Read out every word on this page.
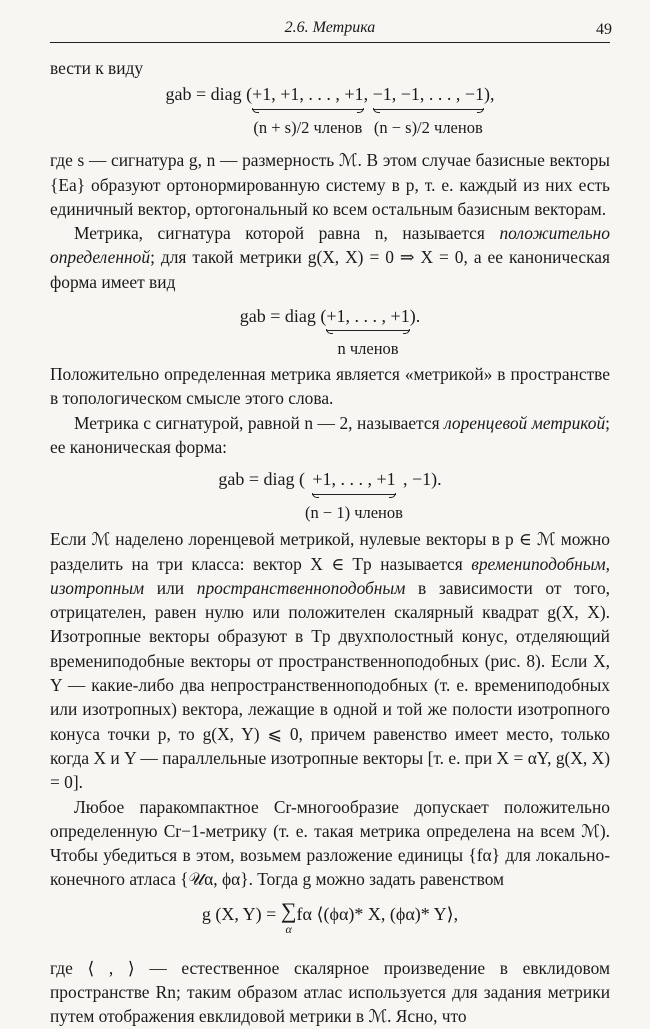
2.6. Метрика	49

вести к виду

gab = diag (+1, +1, . . . , +1
(n + s)/2 членов
, −1, −1, . . . , −1
(n − s)/2 членов
),

где s — сигнатура g, n — размерность ℳ. В этом случае базисные векторы {Ea} образуют ортонормированную систему в p, т. е. каждый из них есть единичный вектор, ортогональный ко всем остальным базисным векторам.

Метрика, сигнатура которой равна n, называется положительно определенной; для такой метрики g(X, X) = 0 ⇒ X = 0, а ее каноническая форма имеет вид

gab = diag (+1, . . . , +1
n членов
).

Положительно определенная метрика является «метрикой» в пространстве в топологическом смысле этого слова.

Метрика с сигнатурой, равной n — 2, называется лоренцевой метрикой; ее каноническая форма:

gab = diag ( +1, . . . , +1
(n − 1) членов
, −1).

Если ℳ наделено лоренцевой метрикой, нулевые векторы в p ∈ ℳ можно разделить на три класса: вектор X ∈ Tp называется времениподобным, изотропным или пространственноподобным в зависимости от того, отрицателен, равен нулю или положителен скалярный квадрат g(X, X). Изотропные векторы образуют в Tp двухполостный конус, отделяющий времениподобные векторы от пространственноподобных (рис. 8). Если X, Y — какие-либо два непространственноподобных (т. е. времениподобных или изотропных) вектора, лежащие в одной и той же полости изотропного конуса точки p, то g(X, Y) ⩽ 0, причем равенство имеет место, только когда X и Y — параллельные изотропные векторы [т. е. при X = αY, g(X, X) = 0].

Любое паракомпактное Cr-многообразие допускает положительно определенную Cr−1-метрику (т. е. такая метрика определена на всем ℳ). Чтобы убедиться в этом, возьмем разложение единицы {fα} для локально-конечного атласа {𝒰α, ϕα}. Тогда g можно задать равенством

g (X, Y) = ∑
α
fα ⟨(ϕα)* X, (ϕα)* Y⟩,

где ⟨ , ⟩ — естественное скалярное произведение в евклидовом пространстве Rn; таким образом атлас используется для задания метрики путем отображения евклидовой метрики в ℳ. Ясно, что
